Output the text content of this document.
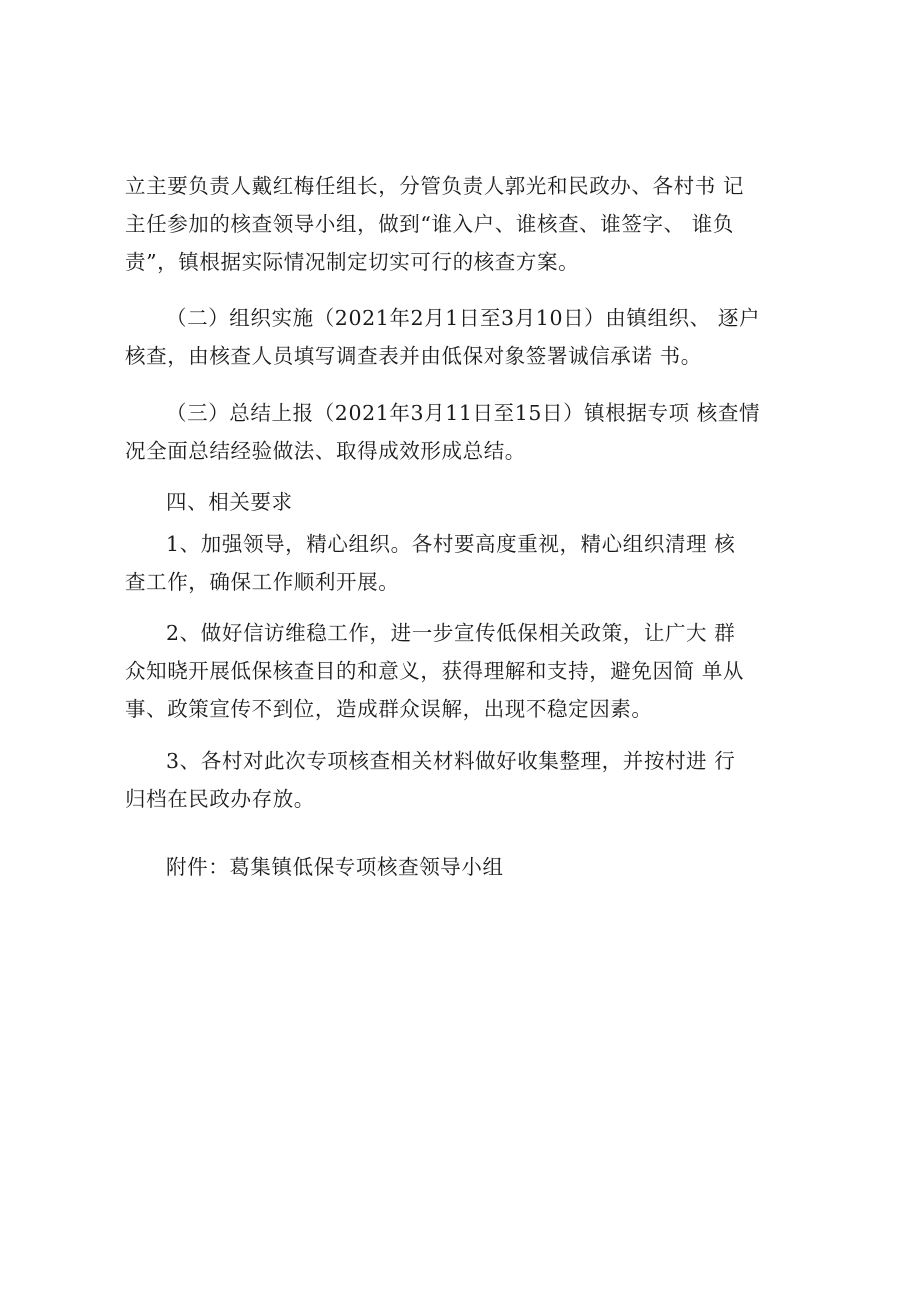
立主要负责人戴红梅任组长，分管负责人郭光和民政办、各村书 记
主任参加的核查领导小组，做到“谁入户、谁核查、谁签字、 谁负
责”，镇根据实际情况制定切实可行的核查方案。
（二）组织实施（2021年2月1日至3月10日）由镇组织、 逐户
核查，由核查人员填写调查表并由低保对象签署诚信承诺 书。
（三）总结上报（2021年3月11日至15日）镇根据专项 核查情
况全面总结经验做法、取得成效形成总结。
四、相关要求
1、加强领导，精心组织。各村要高度重视，精心组织清理 核
查工作，确保工作顺利开展。
2、做好信访维稳工作，进一步宣传低保相关政策，让广大 群
众知晓开展低保核查目的和意义，获得理解和支持，避免因简 单从
事、政策宣传不到位，造成群众误解，出现不稳定因素。
3、各村对此次专项核查相关材料做好收集整理，并按村进 行
归档在民政办存放。
附件：葛集镇低保专项核查领导小组
